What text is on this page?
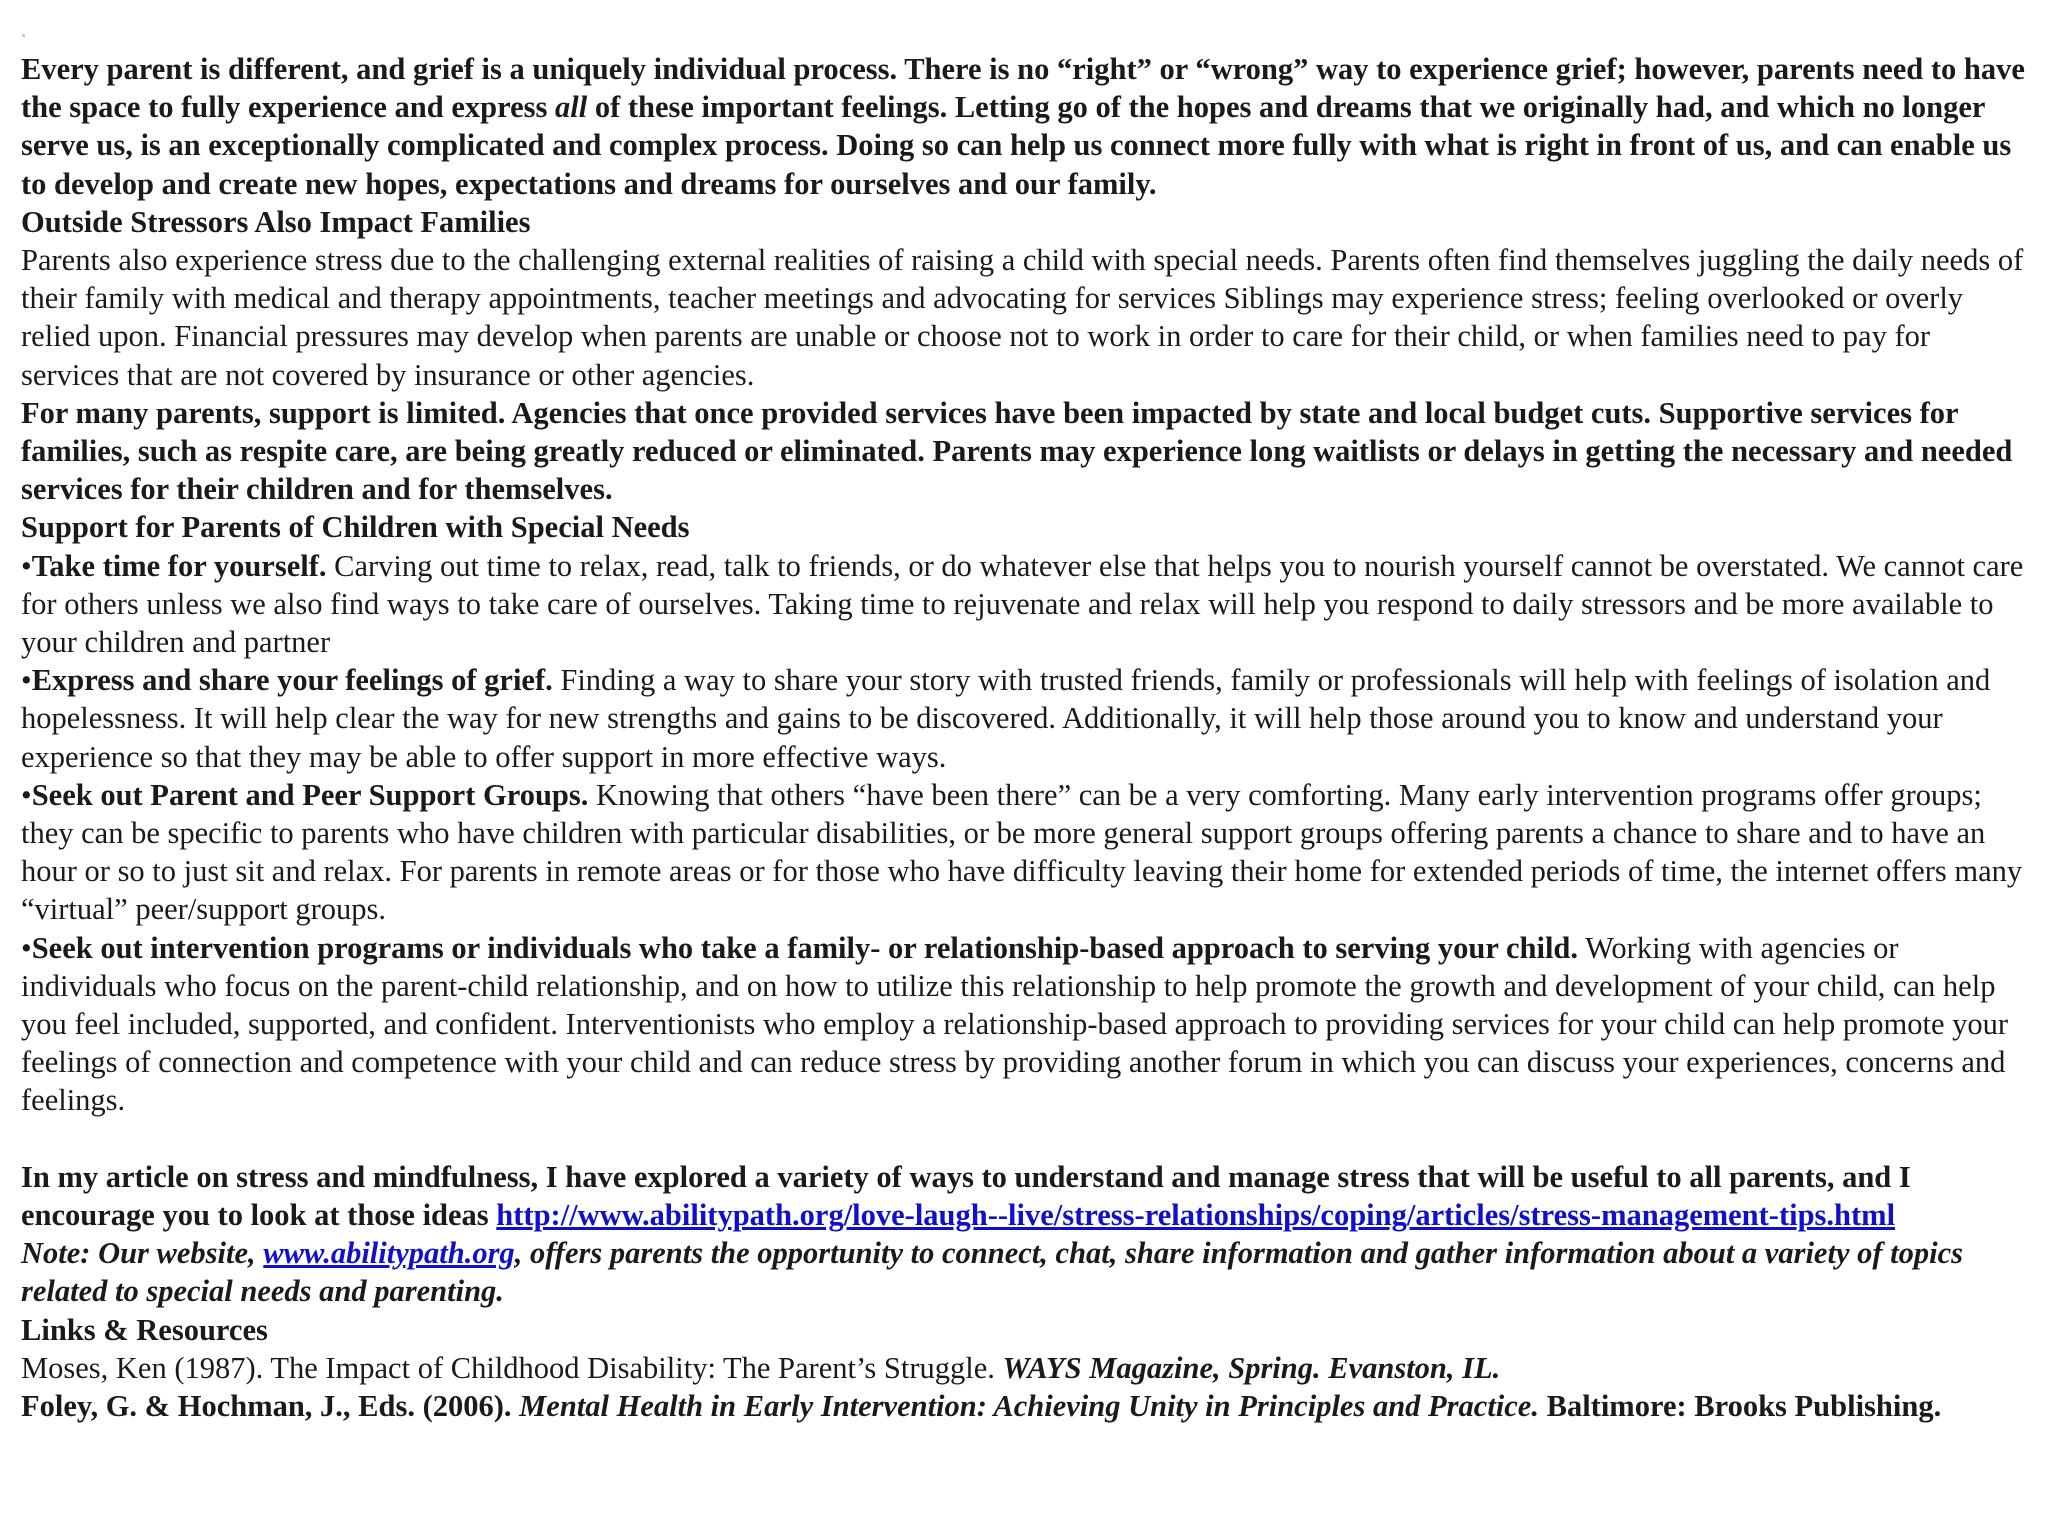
Every parent is different, and grief is a uniquely individual process. There is no “right” or “wrong” way to experience grief; however, parents need to have the space to fully experience and express all of these important feelings. Letting go of the hopes and dreams that we originally had, and which no longer serve us, is an exceptionally complicated and complex process. Doing so can help us connect more fully with what is right in front of us, and can enable us to develop and create new hopes, expectations and dreams for ourselves and our family.

Outside Stressors Also Impact Families

Parents also experience stress due to the challenging external realities of raising a child with special needs. Parents often find themselves juggling the daily needs of their family with medical and therapy appointments, teacher meetings and advocating for services Siblings may experience stress; feeling overlooked or overly relied upon. Financial pressures may develop when parents are unable or choose not to work in order to care for their child, or when families need to pay for services that are not covered by insurance or other agencies.

For many parents, support is limited. Agencies that once provided services have been impacted by state and local budget cuts. Supportive services for families, such as respite care, are being greatly reduced or eliminated. Parents may experience long waitlists or delays in getting the necessary and needed services for their children and for themselves.

Support for Parents of Children with Special Needs

•Take time for yourself. Carving out time to relax, read, talk to friends, or do whatever else that helps you to nourish yourself cannot be overstated. We cannot care for others unless we also find ways to take care of ourselves. Taking time to rejuvenate and relax will help you respond to daily stressors and be more available to your children and partner

•Express and share your feelings of grief. Finding a way to share your story with trusted friends, family or professionals will help with feelings of isolation and hopelessness. It will help clear the way for new strengths and gains to be discovered. Additionally, it will help those around you to know and understand your experience so that they may be able to offer support in more effective ways.

•Seek out Parent and Peer Support Groups. Knowing that others “have been there” can be a very comforting. Many early intervention programs offer groups; they can be specific to parents who have children with particular disabilities, or be more general support groups offering parents a chance to share and to have an hour or so to just sit and relax. For parents in remote areas or for those who have difficulty leaving their home for extended periods of time, the internet offers many “virtual” peer/support groups.

•Seek out intervention programs or individuals who take a family- or relationship-based approach to serving your child. Working with agencies or individuals who focus on the parent-child relationship, and on how to utilize this relationship to help promote the growth and development of your child, can help you feel included, supported, and confident. Interventionists who employ a relationship-based approach to providing services for your child can help promote your feelings of connection and competence with your child and can reduce stress by providing another forum in which you can discuss your experiences, concerns and feelings.

In my article on stress and mindfulness, I have explored a variety of ways to understand and manage stress that will be useful to all parents, and I encourage you to look at those ideas http://www.abilitypath.org/love-laugh--live/stress-relationships/coping/articles/stress-management-tips.html

Note: Our website, www.abilitypath.org, offers parents the opportunity to connect, chat, share information and gather information about a variety of topics related to special needs and parenting.

Links & Resources

Moses, Ken (1987). The Impact of Childhood Disability: The Parent’s Struggle. WAYS Magazine, Spring. Evanston, IL.

Foley, G. & Hochman, J., Eds. (2006). Mental Health in Early Intervention: Achieving Unity in Principles and Practice. Baltimore: Brooks Publishing.
